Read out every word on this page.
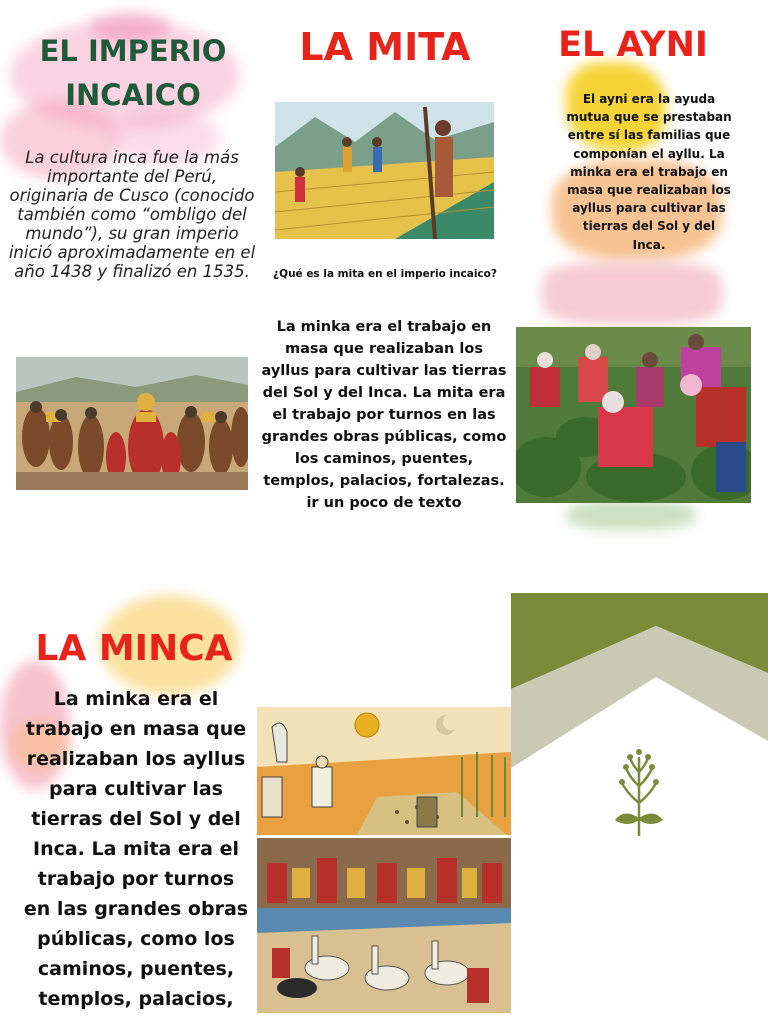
EL IMPERIO
INCAICO
La cultura inca fue la más importante del Perú, originaria de Cusco (conocido también como “ombligo del mundo”), su gran imperio inició aproximadamente en el año 1438 y finalizó en 1535.
LA MITA
¿Qué es la mita en el imperio incaico?
La minka era el trabajo en masa que realizaban los ayllus para cultivar las tierras del Sol y del Inca. La mita era el trabajo por turnos en las grandes obras públicas, como los caminos, puentes, templos, palacios, fortalezas.
ir un poco de texto
EL AYNI
El ayni era la ayuda mutua que se prestaban entre sí las familias que componían el ayllu. La minka era el trabajo en masa que realizaban los ayllus para cultivar las tierras del Sol y del Inca.
LA MINCA
La minka era el trabajo en masa que realizaban los ayllus para cultivar las tierras del Sol y del Inca. La mita era el trabajo por turnos en las grandes obras públicas, como los caminos, puentes, templos, palacios,
